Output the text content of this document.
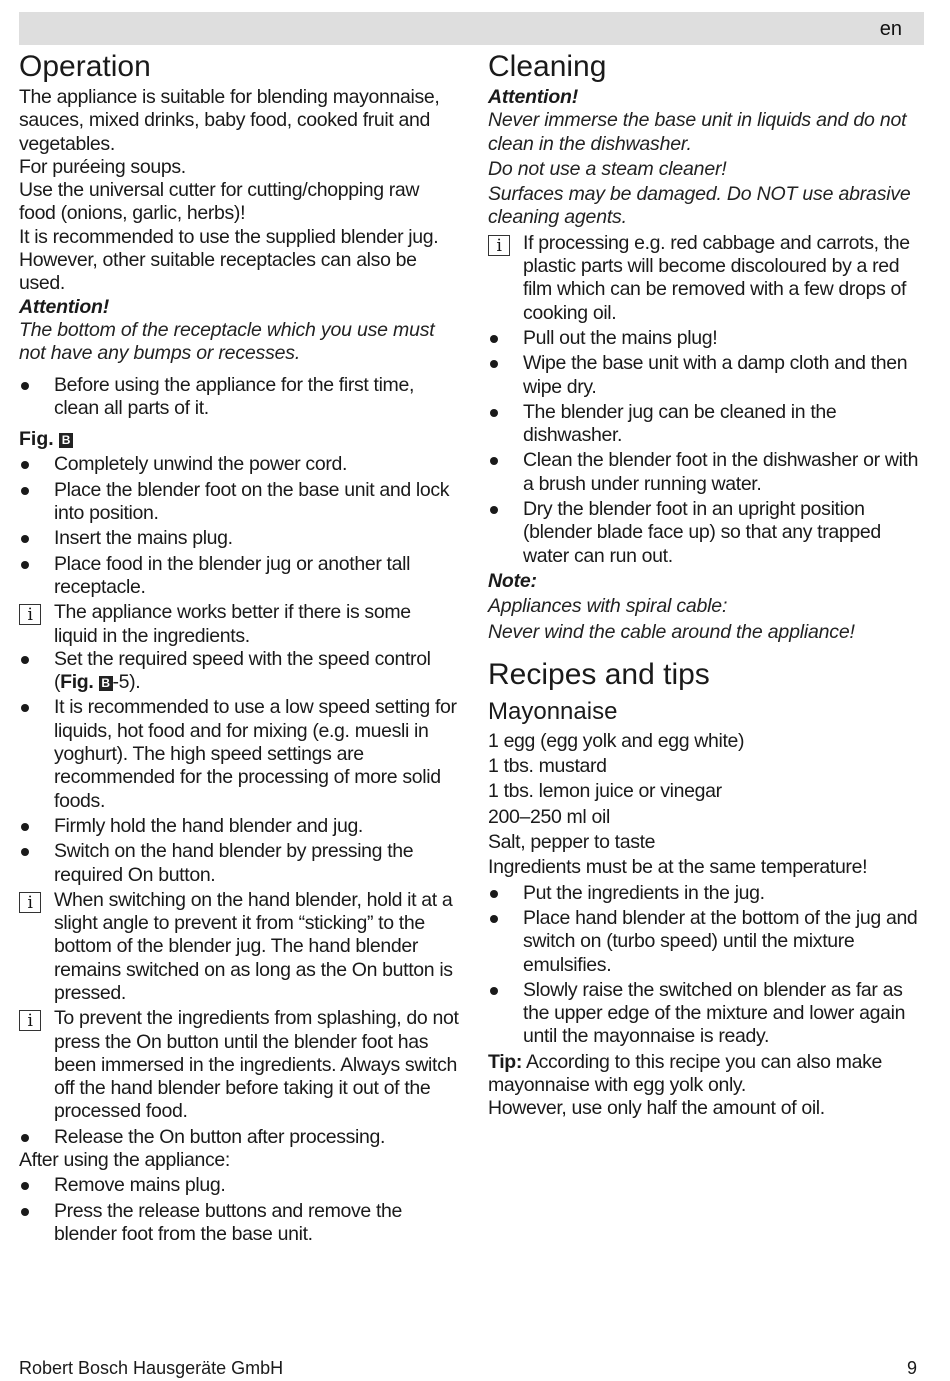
en
Operation

The appliance is suitable for blending mayonnaise, sauces, mixed drinks, baby food, cooked fruit and vegetables.

For puréeing soups.

Use the universal cutter for cutting/chopping raw food (onions, garlic, herbs)!

It is recommended to use the supplied blender jug. However, other suitable receptacles can also be used.

Attention!

The bottom of the receptacle which you use must not have any bumps or recesses.

Before using the appliance for the first time, clean all parts of it.

Fig. B

Completely unwind the power cord.
Place the blender foot on the base unit and lock into position.
Insert the mains plug.
Place food in the blender jug or another tall receptacle.
i	The appliance works better if there is some liquid in the ingredients.
Set the required speed with the speed control (Fig. B -5).
It is recommended to use a low speed setting for liquids, hot food and for mixing (e.g. muesli in yoghurt). The high speed settings are recommended for the processing of more solid foods.
Firmly hold the hand blender and jug.
Switch on the hand blender by pressing the required On button.
i	When switching on the hand blender, hold it at a slight angle to prevent it from “sticking” to the bottom of the blender jug. The hand blender remains switched on as long as the On button is pressed.
i	To prevent the ingredients from splashing, do not press the On button until the blender foot has been immersed in the ingredients. Always switch off the hand blender before taking it out of the processed food.
Release the On button after processing.

After using the appliance:

Remove mains plug.
Press the release buttons and remove the blender foot from the base unit.
Cleaning

Attention!

Never immerse the base unit in liquids and do not clean in the dishwasher.

Do not use a steam cleaner!

Surfaces may be damaged. Do NOT use abrasive cleaning agents.

i	If processing e.g. red cabbage and carrots, the plastic parts will become discoloured by a red film which can be removed with a few drops of cooking oil.
Pull out the mains plug!
Wipe the base unit with a damp cloth and then wipe dry.
The blender jug can be cleaned in the dishwasher.
Clean the blender foot in the dishwasher or with a brush under running water.
Dry the blender foot in an upright position (blender blade face up) so that any trapped water can run out.

Note:

Appliances with spiral cable:

Never wind the cable around the appliance!

Recipes and tips
Mayonnaise

1 egg (egg yolk and egg white)

1 tbs. mustard

1 tbs. lemon juice or vinegar

200–250 ml oil

Salt, pepper to taste

Ingredients must be at the same temperature!

Put the ingredients in the jug.
Place hand blender at the bottom of the jug and switch on (turbo speed) until the mixture emulsifies.
Slowly raise the switched on blender as far as the upper edge of the mixture and lower again until the mayonnaise is ready.

Tip: According to this recipe you can also make mayonnaise with egg yolk only.

However, use only half the amount of oil.

Robert Bosch Hausgeräte GmbH	9
